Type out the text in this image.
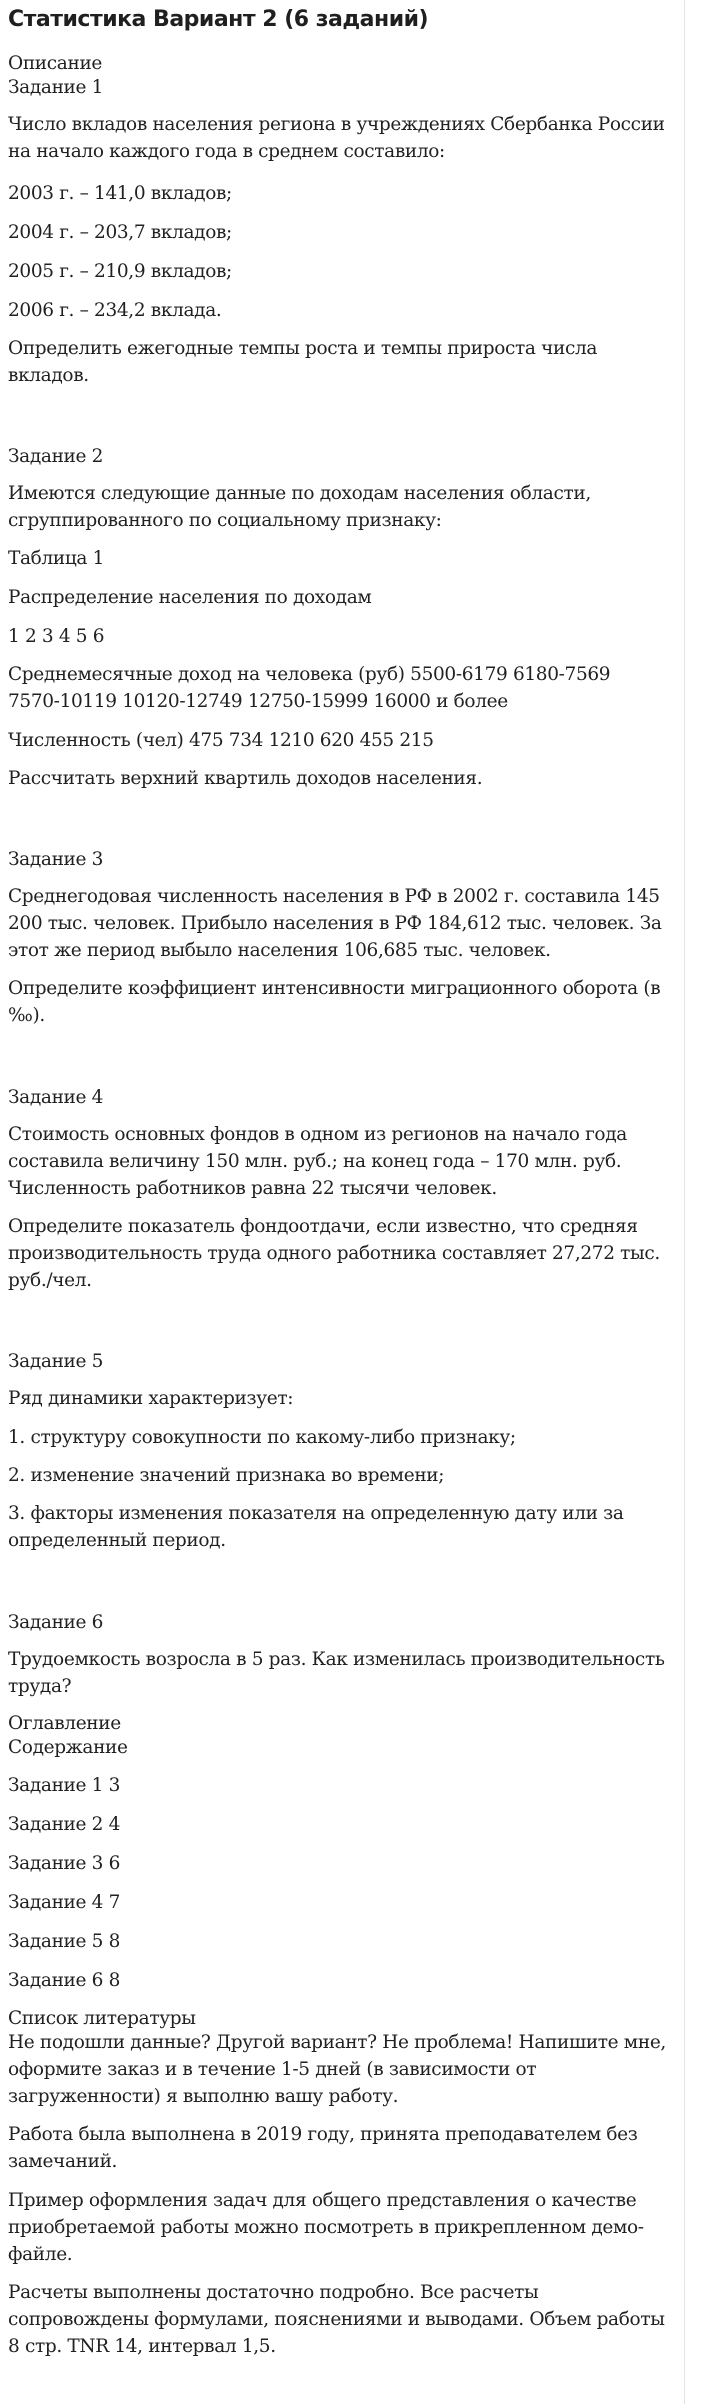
Статистика Вариант 2 (6 заданий)
Описание
Задание 1
Число вкладов населения региона в учреждениях Сбербанка России
на начало каждого года в среднем составило:
2003 г. – 141,0 вкладов;
2004 г. – 203,7 вкладов;
2005 г. – 210,9 вкладов;
2006 г. – 234,2 вклада.
Определить ежегодные темпы роста и темпы прироста числа
вкладов.
Задание 2
Имеются следующие данные по доходам населения области,
сгруппированного по социальному признаку:
Таблица 1
Распределение населения по доходам
1 2 3 4 5 6
Среднемесячные доход на человека (руб) 5500-6179 6180-7569
7570-10119 10120-12749 12750-15999 16000 и более
Численность (чел) 475 734 1210 620 455 215
Рассчитать верхний квартиль доходов населения.
Задание 3
Среднегодовая численность населения в РФ в 2002 г. составила 145
200 тыс. человек. Прибыло населения в РФ 184,612 тыс. человек. За
этот же период выбыло населения 106,685 тыс. человек.
Определите коэффициент интенсивности миграционного оборота (в
‰).
Задание 4
Стоимость основных фондов в одном из регионов на начало года
составила величину 150 млн. руб.; на конец года – 170 млн. руб.
Численность работников равна 22 тысячи человек.
Определите показатель фондоотдачи, если известно, что средняя
производительность труда одного работника составляет 27,272 тыс.
руб./чел.
Задание 5
Ряд динамики характеризует:
1. структуру совокупности по какому-либо признаку;
2. изменение значений признака во времени;
3. факторы изменения показателя на определенную дату или за
определенный период.
Задание 6
Трудоемкость возросла в 5 раз. Как изменилась производительность
труда?
Оглавление
Содержание
Задание 1 3
Задание 2 4
Задание 3 6
Задание 4 7
Задание 5 8
Задание 6 8
Список литературы
Не подошли данные? Другой вариант? Не проблема! Напишите мне,
оформите заказ и в течение 1-5 дней (в зависимости от
загруженности) я выполню вашу работу.
Работа была выполнена в 2019 году, принята преподавателем без
замечаний.
Пример оформления задач для общего представления о качестве
приобретаемой работы можно посмотреть в прикрепленном демо-
файле.
Расчеты выполнены достаточно подробно. Все расчеты
сопровождены формулами, пояснениями и выводами. Объем работы
8 стр. TNR 14, интервал 1,5.
